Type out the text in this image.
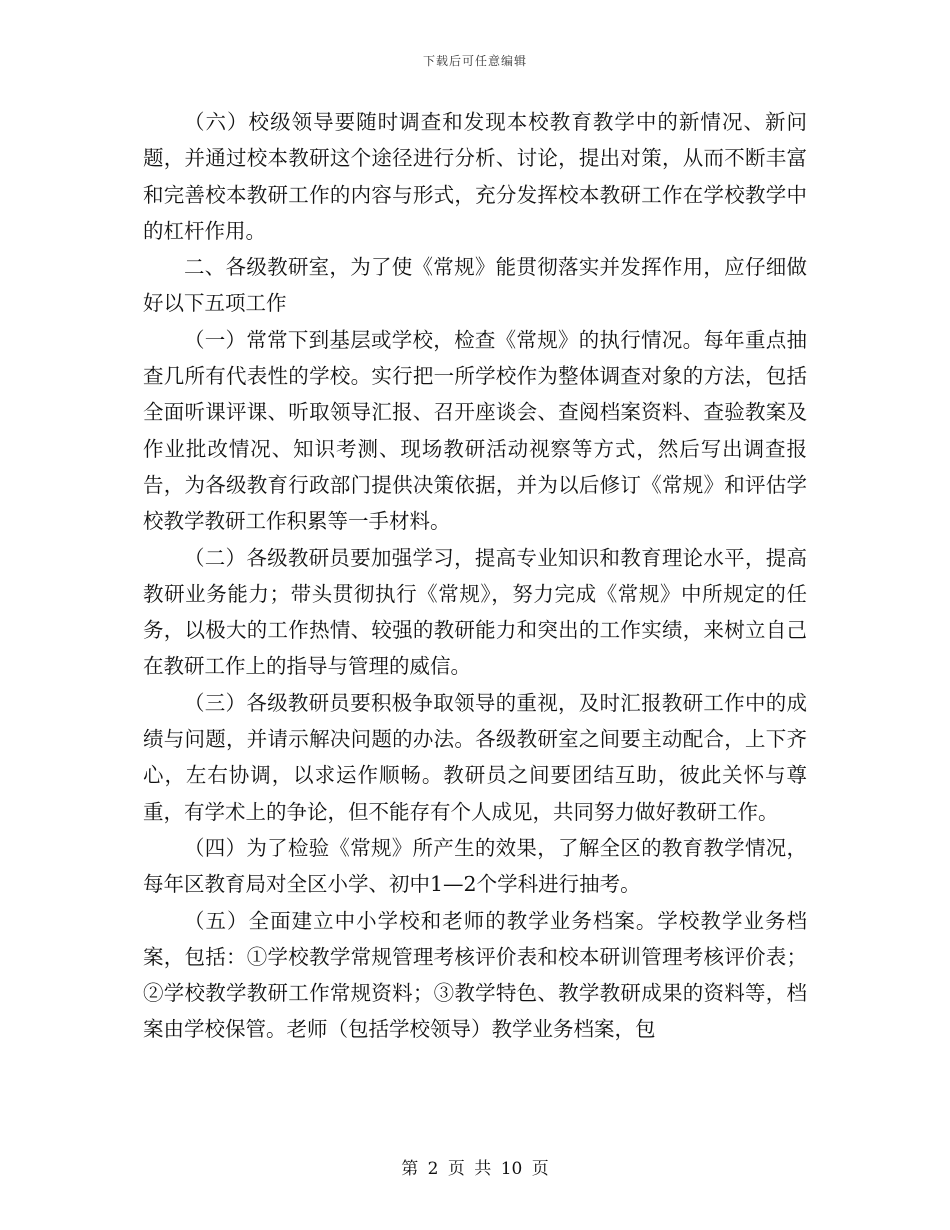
下载后可任意编辑

（六）校级领导要随时调查和发现本校教育教学中的新情况、新问题，并通过校本教研这个途径进行分析、讨论，提出对策，从而不断丰富和完善校本教研工作的内容与形式，充分发挥校本教研工作在学校教学中的杠杆作用。

二、各级教研室，为了使《常规》能贯彻落实并发挥作用，应仔细做好以下五项工作

（一）常常下到基层或学校，检查《常规》的执行情况。每年重点抽查几所有代表性的学校。实行把一所学校作为整体调查对象的方法，包括全面听课评课、听取领导汇报、召开座谈会、查阅档案资料、查验教案及作业批改情况、知识考测、现场教研活动视察等方式，然后写出调查报告，为各级教育行政部门提供决策依据，并为以后修订《常规》和评估学校教学教研工作积累等一手材料。

（二）各级教研员要加强学习，提高专业知识和教育理论水平，提高教研业务能力；带头贯彻执行《常规》，努力完成《常规》中所规定的任务，以极大的工作热情、较强的教研能力和突出的工作实绩，来树立自己在教研工作上的指导与管理的威信。

（三）各级教研员要积极争取领导的重视，及时汇报教研工作中的成绩与问题，并请示解决问题的办法。各级教研室之间要主动配合，上下齐心，左右协调，以求运作顺畅。教研员之间要团结互助，彼此关怀与尊重，有学术上的争论，但不能存有个人成见，共同努力做好教研工作。

（四）为了检验《常规》所产生的效果，了解全区的教育教学情况，每年区教育局对全区小学、初中1—2个学科进行抽考。

（五）全面建立中小学校和老师的教学业务档案。学校教学业务档案，包括：①学校教学常规管理考核评价表和校本研训管理考核评价表；②学校教学教研工作常规资料；③教学特色、教学教研成果的资料等，档案由学校保管。老师（包括学校领导）教学业务档案，包

第 2 页 共 10 页
